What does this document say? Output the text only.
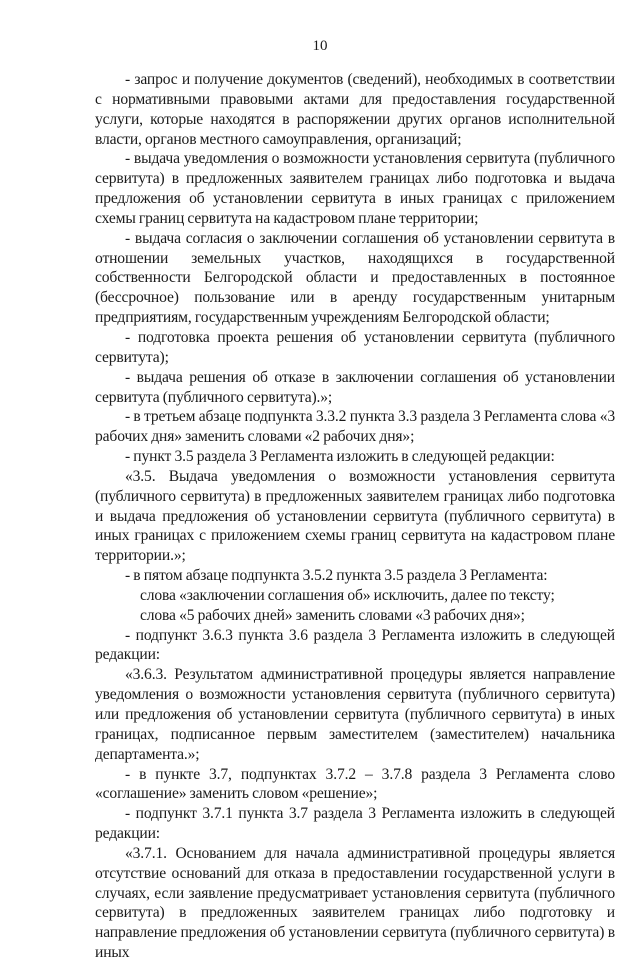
10

- запрос и получение документов (сведений), необходимых в соответствии с нормативными правовыми актами для предоставления государственной услуги, которые находятся в распоряжении других органов исполнительной власти, органов местного самоуправления, организаций;

- выдача уведомления о возможности установления сервитута (публичного сервитута) в предложенных заявителем границах либо подготовка и выдача предложения об установлении сервитута в иных границах с приложением схемы границ сервитута на кадастровом плане территории;

- выдача согласия о заключении соглашения об установлении сервитута в отношении земельных участков, находящихся в государственной собственности Белгородской области и предоставленных в постоянное (бессрочное) пользование или в аренду государственным унитарным предприятиям, государственным учреждениям Белгородской области;

- подготовка проекта решения об установлении сервитута (публичного сервитута);

- выдача решения об отказе в заключении соглашения об установлении сервитута (публичного сервитута).»;

- в третьем абзаце подпункта 3.3.2 пункта 3.3 раздела 3 Регламента слова «3 рабочих дня» заменить словами «2 рабочих дня»;

- пункт 3.5 раздела 3 Регламента изложить в следующей редакции:

«3.5. Выдача уведомления о возможности установления сервитута (публичного сервитута) в предложенных заявителем границах либо подготовка и выдача предложения об установлении сервитута (публичного сервитута) в иных границах с приложением схемы границ сервитута на кадастровом плане территории.»;

- в пятом абзаце подпункта 3.5.2 пункта 3.5 раздела 3 Регламента:

слова «заключении соглашения об» исключить, далее по тексту;

слова «5 рабочих дней» заменить словами «3 рабочих дня»;

- подпункт 3.6.3 пункта 3.6 раздела 3 Регламента изложить в следующей редакции:

«3.6.3. Результатом административной процедуры является направление уведомления о возможности установления сервитута (публичного сервитута) или предложения об установлении сервитута (публичного сервитута) в иных границах, подписанное первым заместителем (заместителем) начальника департамента.»;

- в пункте 3.7, подпунктах 3.7.2 – 3.7.8 раздела 3 Регламента слово «соглашение» заменить словом «решение»;

- подпункт 3.7.1 пункта 3.7 раздела 3 Регламента изложить в следующей редакции:

«3.7.1. Основанием для начала административной процедуры является отсутствие оснований для отказа в предоставлении государственной услуги в случаях, если заявление предусматривает установления сервитута (публичного сервитута) в предложенных заявителем границах либо подготовку и направление предложения об установлении сервитута (публичного сервитута) в иных
